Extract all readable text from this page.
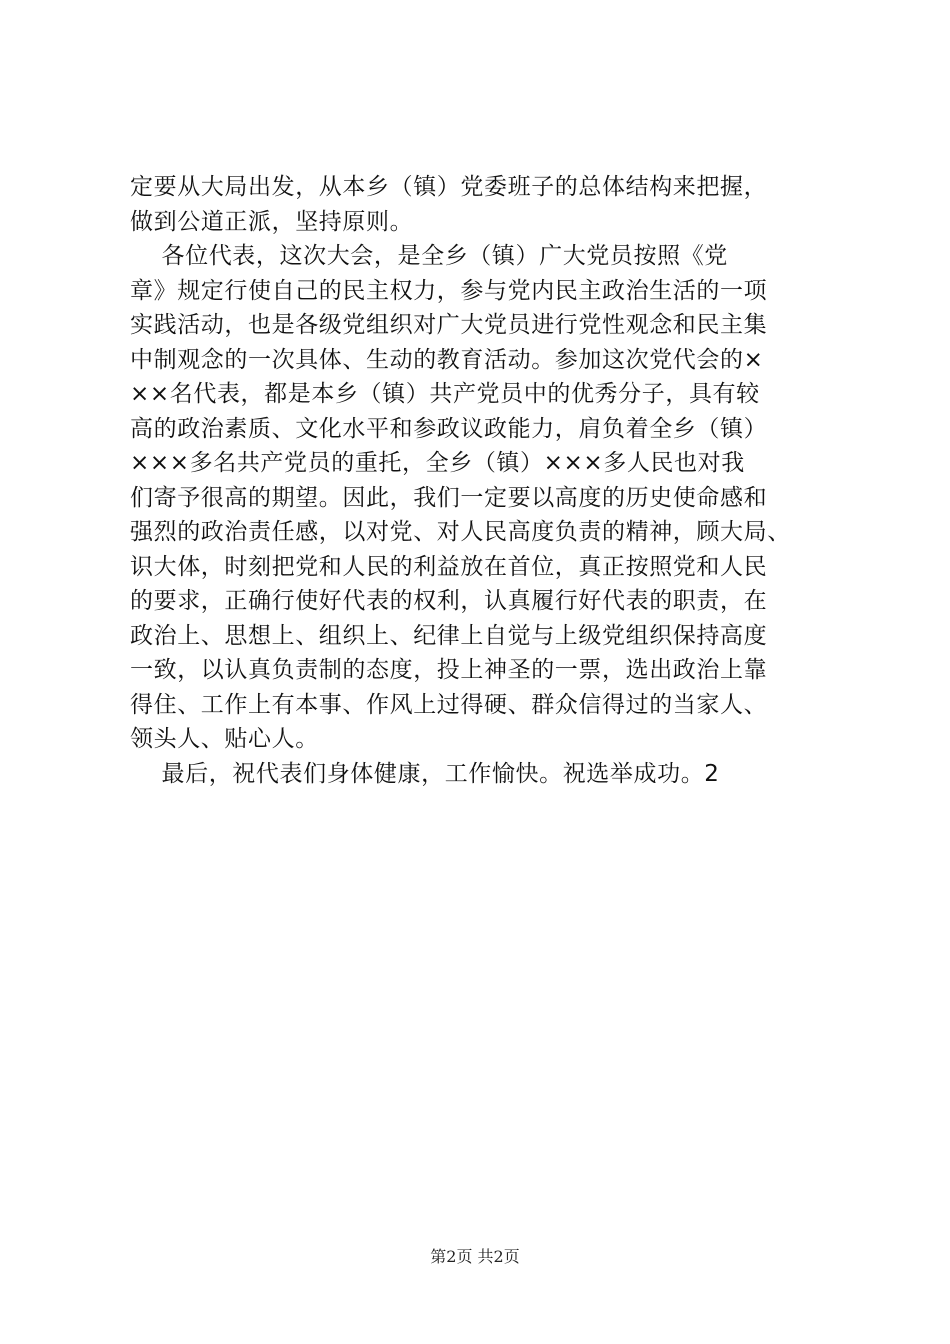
定要从大局出发，从本乡（镇）党委班子的总体结构来把握，
做到公道正派，坚持原则。
　 各位代表，这次大会，是全乡（镇）广大党员按照《党
章》规定行使自己的民主权力，参与党内民主政治生活的一项
实践活动，也是各级党组织对广大党员进行党性观念和民主集
中制观念的一次具体、生动的教育活动。参加这次党代会的×
××名代表，都是本乡（镇）共产党员中的优秀分子，具有较
高的政治素质、文化水平和参政议政能力，肩负着全乡（镇）
×××多名共产党员的重托，全乡（镇）×××多人民也对我
们寄予很高的期望。因此，我们一定要以高度的历史使命感和
强烈的政治责任感，以对党、对人民高度负责的精神，顾大局、
识大体，时刻把党和人民的利益放在首位，真正按照党和人民
的要求，正确行使好代表的权利，认真履行好代表的职责，在
政治上、思想上、组织上、纪律上自觉与上级党组织保持高度
一致，以认真负责制的态度，投上神圣的一票，选出政治上靠
得住、工作上有本事、作风上过得硬、群众信得过的当家人、
领头人、贴心人。
　 最后，祝代表们身体健康，工作愉快。祝选举成功。2
第2页 共2页
